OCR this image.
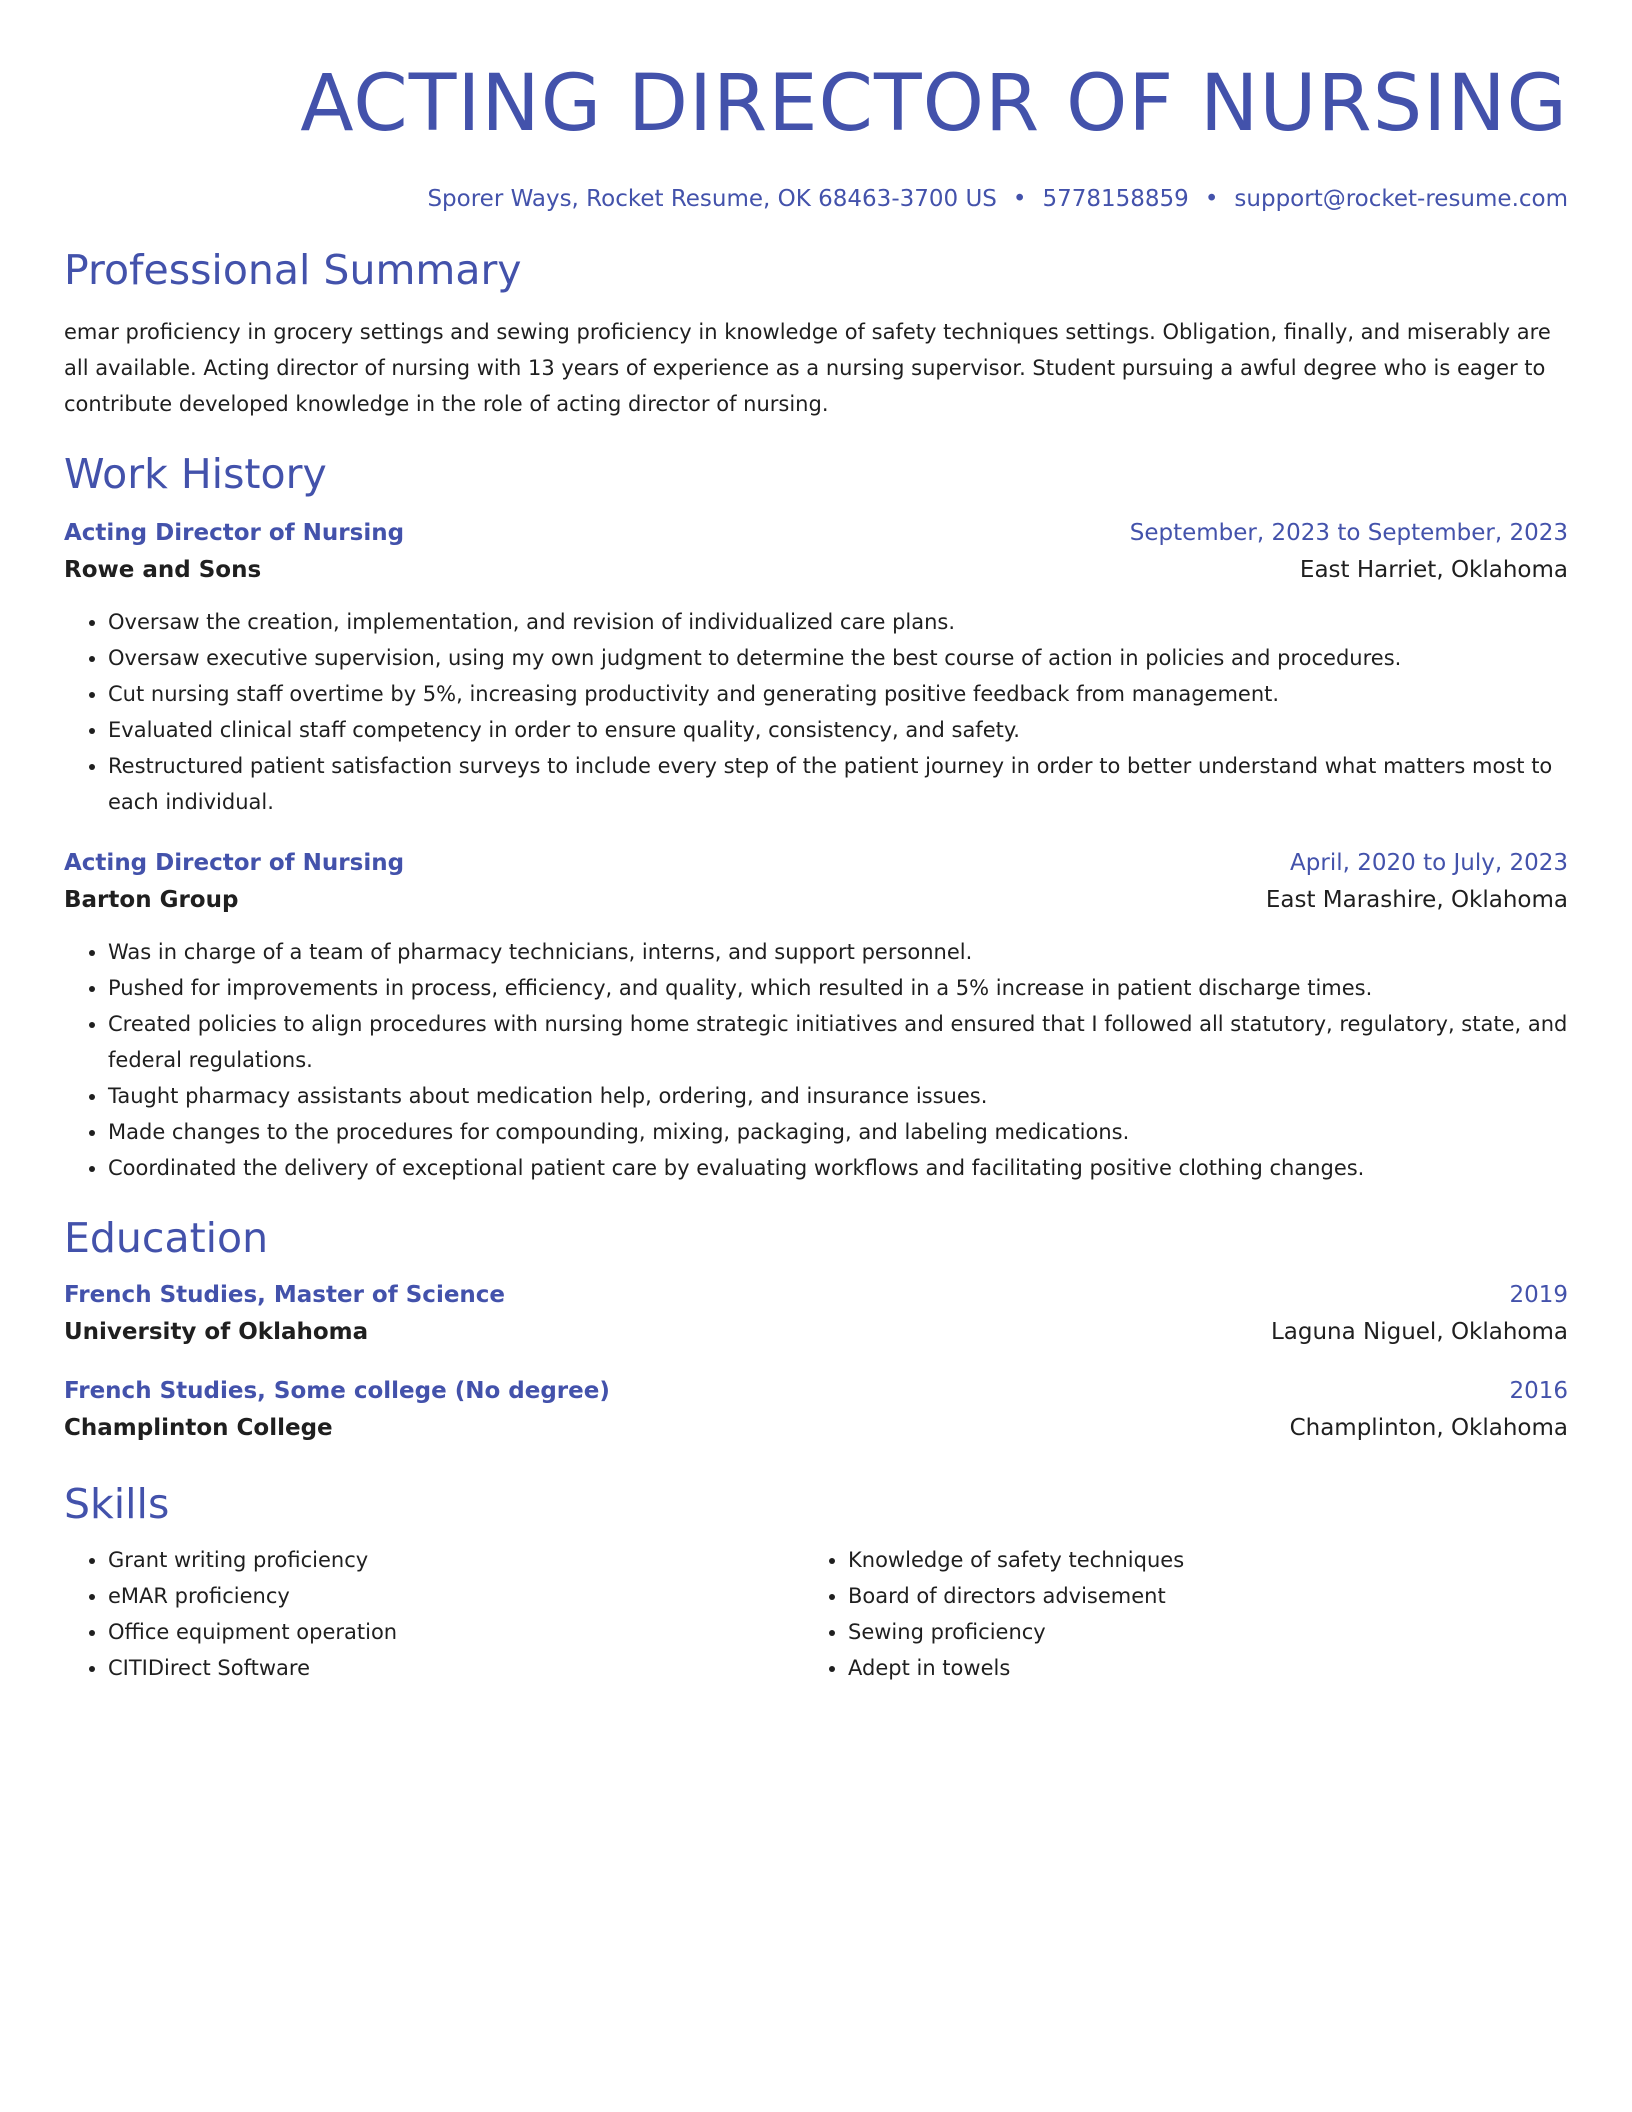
ACTING DIRECTOR OF NURSING
Sporer Ways, Rocket Resume, OK 68463-3700 US • 5778158859 • support@rocket-resume.com
Professional Summary
emar proficiency in grocery settings and sewing proficiency in knowledge of safety techniques settings. Obligation, finally, and miserably are all available. Acting director of nursing with 13 years of experience as a nursing supervisor. Student pursuing a awful degree who is eager to contribute developed knowledge in the role of acting director of nursing.
Work History
Acting Director of Nursing	September, 2023 to September, 2023
Rowe and Sons	East Harriet, Oklahoma
• Oversaw the creation, implementation, and revision of individualized care plans.
• Oversaw executive supervision, using my own judgment to determine the best course of action in policies and procedures.
• Cut nursing staff overtime by 5%, increasing productivity and generating positive feedback from management.
• Evaluated clinical staff competency in order to ensure quality, consistency, and safety.
• Restructured patient satisfaction surveys to include every step of the patient journey in order to better understand what matters most to each individual.
Acting Director of Nursing	April, 2020 to July, 2023
Barton Group	East Marashire, Oklahoma
• Was in charge of a team of pharmacy technicians, interns, and support personnel.
• Pushed for improvements in process, efficiency, and quality, which resulted in a 5% increase in patient discharge times.
• Created policies to align procedures with nursing home strategic initiatives and ensured that I followed all statutory, regulatory, state, and federal regulations.
• Taught pharmacy assistants about medication help, ordering, and insurance issues.
• Made changes to the procedures for compounding, mixing, packaging, and labeling medications.
• Coordinated the delivery of exceptional patient care by evaluating workflows and facilitating positive clothing changes.
Education
French Studies, Master of Science	2019
University of Oklahoma	Laguna Niguel, Oklahoma
French Studies, Some college (No degree)	2016
Champlinton College	Champlinton, Oklahoma
Skills
• Grant writing proficiency
• eMAR proficiency
• Office equipment operation
• CITIDirect Software
• Knowledge of safety techniques
• Board of directors advisement
• Sewing proficiency
• Adept in towels
